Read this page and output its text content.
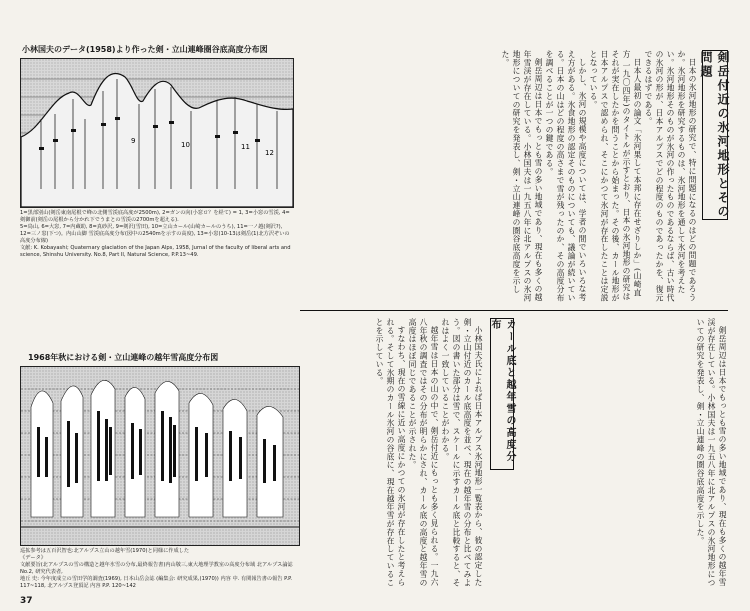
小林国夫のデータ(1958)より作った剣・立山連峰圏谷底高度分布図
10	11
9
12

1=黒部別山(剣岳東南尾根で峰の北側雪渓底高度が2500m), 2=ガンの向(小窓ロ？を経て) = 1, 3=小窓の雪渓, 4=剣御前(剣岳の尾根から分かれ下でうまとの雪渓の2700mを超える).

5=鳥山, 6=大窓, 7=内蔵助, 8=真砂沢, 9=剣沢(雪田), 10=立山カール(山崎カールのうち), 11=一ノ越(剣沢?), 12=三ノ窓(下つ)。内山山脚 雪渓底高度分布(図中の2540mを示すの高度), 13=小窓(10-13は剣岳(1)北方沢ぞいの高度分布線)

文献: K. Kobayashi; Quaternary glaciation of the Japan Alps, 1958, Jurnal of the faculty of liberal arts and science, Shinshu University. No.8, Part II, Natural Science, P.P.13~49.

1968年秋における剣・立山連峰の越年雪高度分布図

巡拡参考は五百沢智也:北アルプス立山の越年雪(1970)と同様に作成した

《データ》

文献要旨(北アルプスの雪の構造と越年氷雪の分布,最終報告書)内山敬三,東大地理学教室の高度分布域 北アルプス論誌No.2, 研究代表者,

地丘 史: 今年度成立の雪田学的調査(1969), 日本山岳会誌 (編集会: 研究成果,(1970)) 内容 中. 有関報告書の報告 P.P. 117~118, 北アルプス登頂記 内容 P.P. 120~142

37
剣岳付近の氷河地形とその問題

日本の氷河地形の研究で、特に問題になるのはどの問題であろうか。氷河地形を研究するものは、氷河地形を通して氷河を考えたい。氷河地形そのものが氷河の作ったものであるならば、古い時代の氷河の形が、日本アルプスでどの程度のものであったかを、復元できるはずである。

日本人最初の論文「氷河果して本邦に存在せざりしか」(山崎直方 一九〇四年)のタイトルが示すとおり、日本の氷河地形の研究はそれが実在したかを問うことから始まった。その後、カール地形が日本アルプスで認められ、そこにかつて氷河が存在したことは定説となっている。

しかし、氷河の規模や高度については、学者の間でいろいろな考え方がある。氷食地形の認定そのものについても、議論が続いている。日本の山はどの程度の高さまで雪が残ったのか、その高度分布を調べることが一つの鍵である。

剣岳周辺は日本でもっとも雪の多い地域であり、現在も多くの越年雪渓が存在している。小林国夫は一九五八年に北アルプスの氷河地形についての研究を発表し、剣・立山連峰の圏谷底高度を示した。

剣岳周辺は日本でもっとも雪の多い地域であり、現在も多くの越年雪渓が存在している。小林国夫は一九五八年に北アルプスの氷河地形についての研究を発表し、剣・立山連峰の圏谷底高度を示した。

カール底と越年雪の高度分布

小林国夫氏によれば日本アルプス氷河地形一覧表から、彼の認定した剣・立山付近のカール底高度を並べ、現在の越年雪の分布と比べてみよう。図の書いた部分は雪で、スケールに示すカール底と比較すると、それはよく一致していることがわかる。

越年雪は日本の山の中で、剣岳付近にもっとも多く見られる。一九六八年秋の調査ではその分布が明らかにされ、カール底の高度と越年雪の高度はほぼ同じであることが示された。

すなわち、現在の雪線に近い高度にかつての氷河が存在したと考えられる。そして氷期のカール氷河の谷底に、現在越年雪が存在していることを示している。
